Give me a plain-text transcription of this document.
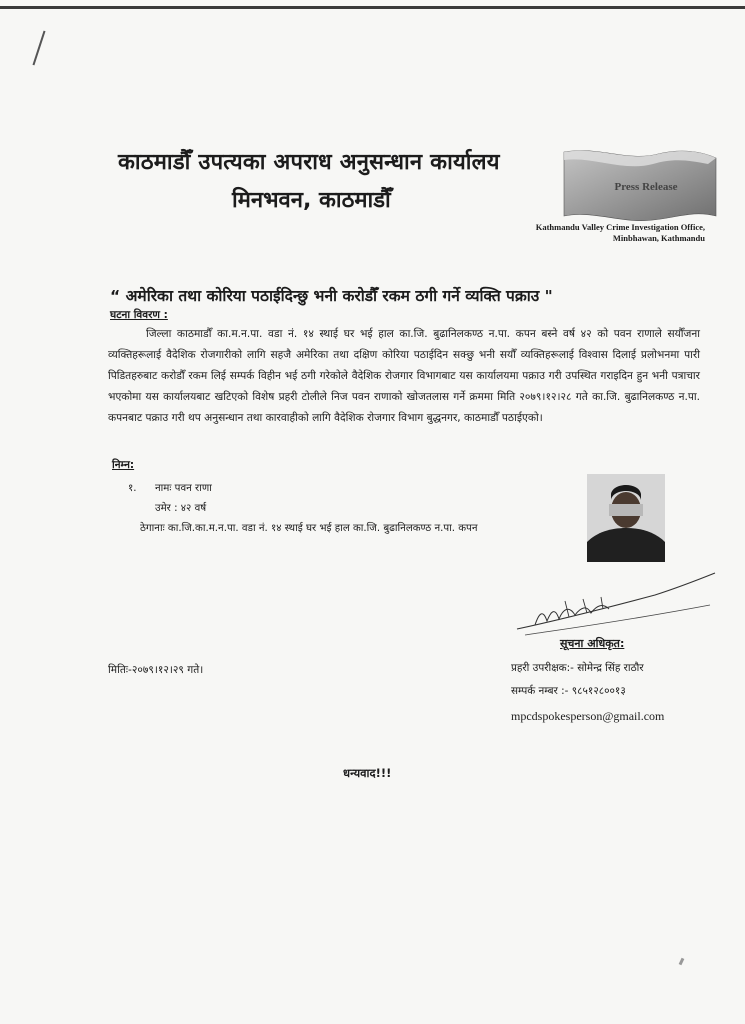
काठमाडौँ उपत्यका अपराध अनुसन्धान कार्यालय
मिनभवन, काठमाडौँ
Press Release
Kathmandu Valley Crime Investigation Office,
Minbhawan, Kathmandu
“ अमेरिका तथा कोरिया पठाईदिन्छु भनी करोडौँ रकम ठगी गर्ने व्यक्ति पक्राउ "
घटना विवरण :
जिल्ला काठमाडौँ का.म.न.पा. वडा नं. १४ स्थाई घर भई हाल का.जि. बुढानिलकण्ठ न.पा. कपन बस्ने वर्ष ४२ को पवन राणाले सयौँजना व्यक्तिहरूलाई वैदेशिक रोजगारीको लागि सहजै अमेरिका तथा दक्षिण कोरिया पठाईदिन सक्छु भनी सयौँ व्यक्तिहरूलाई विश्वास दिलाई प्रलोभनमा पारी पिडितहरुबाट करोडौँ रकम लिई सम्पर्क विहीन भई ठगी गरेकोले वैदेशिक रोजगार विभागबाट यस कार्यालयमा पक्राउ गरी उपस्थित गराइदिन हुन भनी पत्राचार भएकोमा यस कार्यालयबाट खटिएको विशेष प्रहरी टोलीले निज पवन राणाको खोजतलास गर्ने क्रममा मिति २०७९।१२।२८ गते का.जि. बुढानिलकण्ठ न.पा. कपनबाट पक्राउ गरी थप अनुसन्धान तथा कारवाहीको लागि वैदेशिक रोजगार विभाग बुद्धनगर, काठमाडौँ पठाईएको।
निम्न:
१. नामः पवन राणा
उमेर : ४२ वर्ष
ठेगानाः का.जि.का.म.न.पा. वडा नं. १४ स्थाई घर भई हाल का.जि. बुढानिलकण्ठ न.पा. कपन
सूचना अधिकृत:
प्रहरी उपरीक्षक:- सोमेन्द्र सिंह राठौर
सम्पर्क नम्बर :- ९८५१२८००१३
mpcdspokesperson@gmail.com
मितिः-२०७९।१२।२९ गते।
धन्यवाद!!!
